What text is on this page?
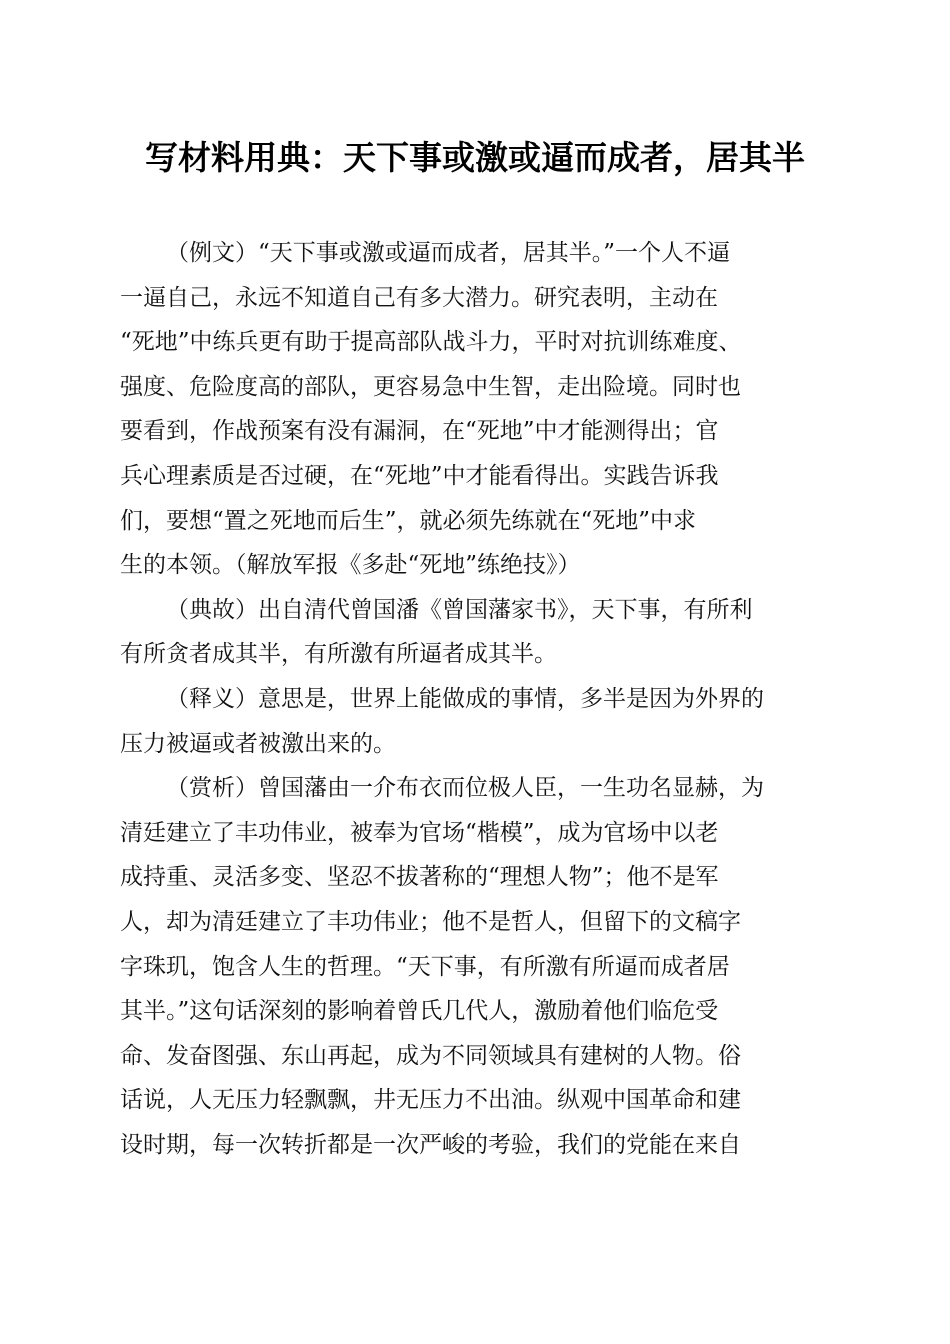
写材料用典：天下事或激或逼而成者，居其半

（例文）“天下事或激或逼而成者，居其半。”一个人不逼
一逼自己，永远不知道自己有多大潜力。研究表明，主动在
“死地”中练兵更有助于提高部队战斗力，平时对抗训练难度、
强度、危险度高的部队，更容易急中生智，走出险境。同时也
要看到，作战预案有没有漏洞，在“死地”中才能测得出；官
兵心理素质是否过硬，在“死地”中才能看得出。实践告诉我
们，要想“置之死地而后生”，就必须先练就在“死地”中求
生的本领。（解放军报《多赴“死地”练绝技》）

（典故）出自清代曾国潘《曾国藩家书》，天下事，有所利
有所贪者成其半，有所激有所逼者成其半。

（释义）意思是，世界上能做成的事情，多半是因为外界的
压力被逼或者被激出来的。

（赏析）曾国藩由一介布衣而位极人臣，一生功名显赫，为
清廷建立了丰功伟业，被奉为官场“楷模”，成为官场中以老
成持重、灵活多变、坚忍不拔著称的“理想人物”；他不是军
人，却为清廷建立了丰功伟业；他不是哲人，但留下的文稿字
字珠玑，饱含人生的哲理。“天下事，有所激有所逼而成者居
其半。”这句话深刻的影响着曾氏几代人，激励着他们临危受
命、发奋图强、东山再起，成为不同领域具有建树的人物。俗
话说，人无压力轻飘飘，井无压力不出油。纵观中国革命和建
设时期，每一次转折都是一次严峻的考验，我们的党能在来自
